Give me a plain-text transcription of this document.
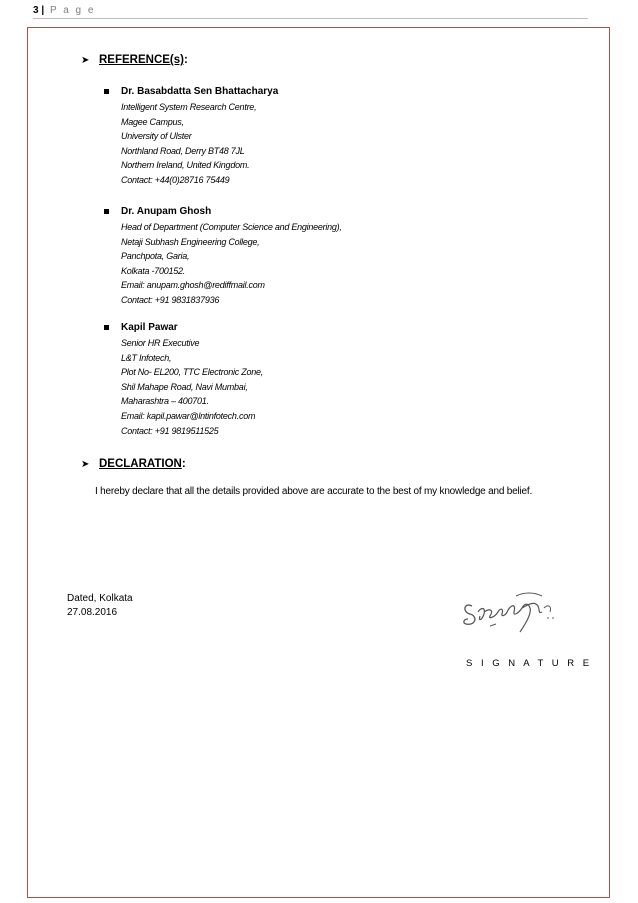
3 | P a g e
➤ REFERENCE(s):
Dr. Basabdatta Sen Bhattacharya
Intelligent System Research Centre,
Magee Campus,
University of Ulster
Northland Road, Derry BT48 7JL
Northern Ireland, United Kingdom.
Contact: +44(0)28716 75449
Dr. Anupam Ghosh
Head of Department (Computer Science and Engineering),
Netaji Subhash Engineering College,
Panchpota, Garia,
Kolkata -700152.
Email: anupam.ghosh@rediffmail.com
Contact: +91 9831837936
Kapil Pawar
Senior HR Executive
L&T Infotech,
Plot No- EL200, TTC Electronic Zone,
Shil Mahape Road, Navi Mumbai,
Maharashtra – 400701.
Email: kapil.pawar@lntinfotech.com
Contact: +91 9819511525
➤ DECLARATION:
I hereby declare that all the details provided above are accurate to the best of my knowledge and belief.
Dated, Kolkata
27.08.2016
S I G N A T U R E
